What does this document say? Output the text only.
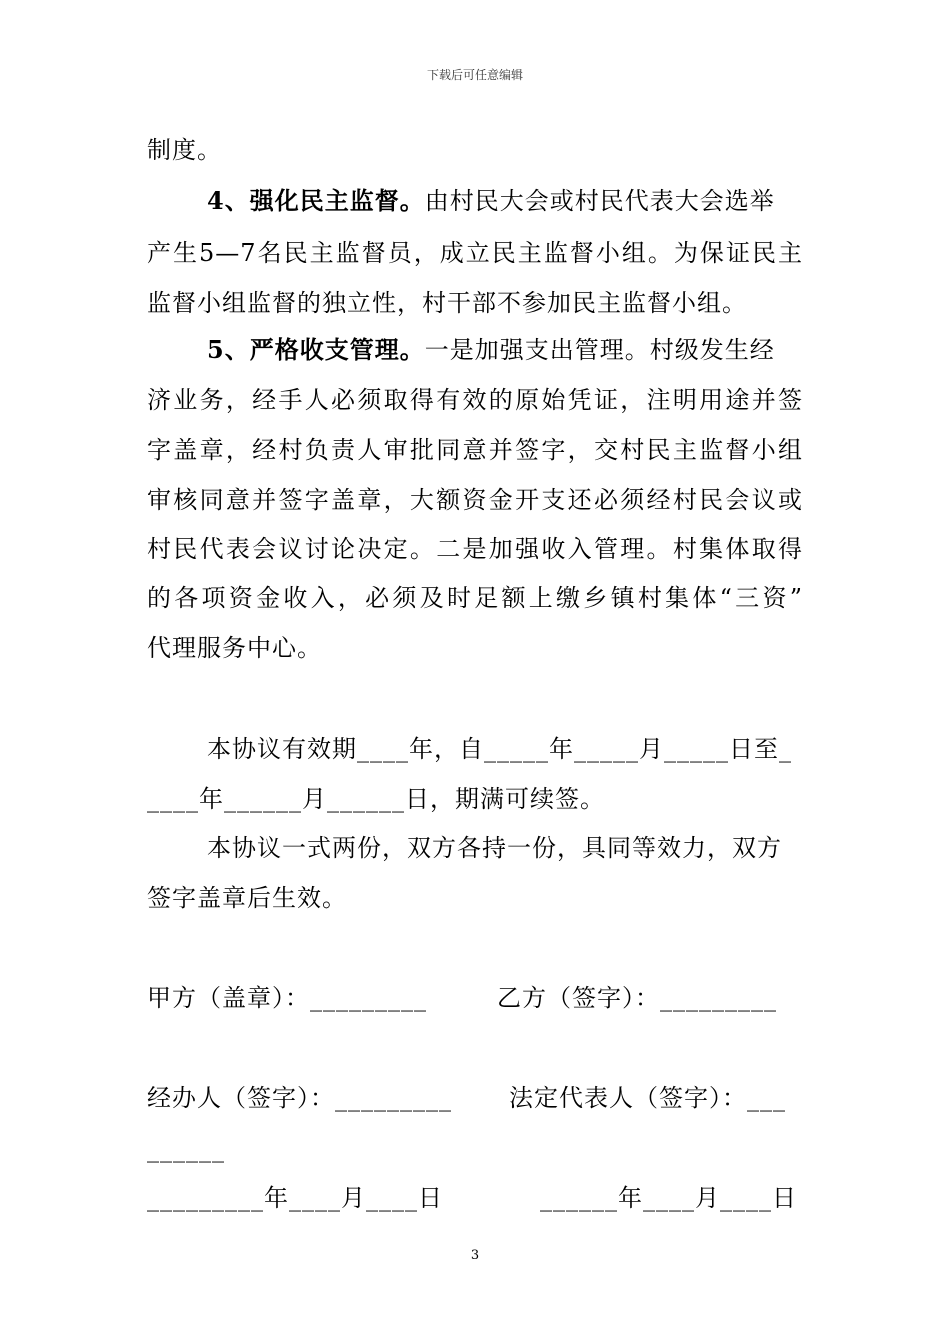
下载后可任意编辑
制度。
4、强化民主监督。由村民大会或村民代表大会选举
产生5—7名民主监督员，成立民主监督小组。为保证民主
监督小组监督的独立性，村干部不参加民主监督小组。
5、严格收支管理。一是加强支出管理。村级发生经
济业务，经手人必须取得有效的原始凭证，注明用途并签
字盖章，经村负责人审批同意并签字，交村民主监督小组
审核同意并签字盖章，大额资金开支还必须经村民会议或
村民代表会议讨论决定。二是加强收入管理。村集体取得
的各项资金收入，必须及时足额上缴乡镇村集体“三资”
代理服务中心。
本协议有效期____年，自_____年_____月_____日至_
____年______月______日，期满可续签。
本协议一式两份，双方各持一份，具同等效力，双方
签字盖章后生效。
甲方（盖章）：_________	乙方（签字）：_________
经办人（签字）：_________ 法定代表人（签字）：___
______
_________年____月____日	______年____月____日
3
